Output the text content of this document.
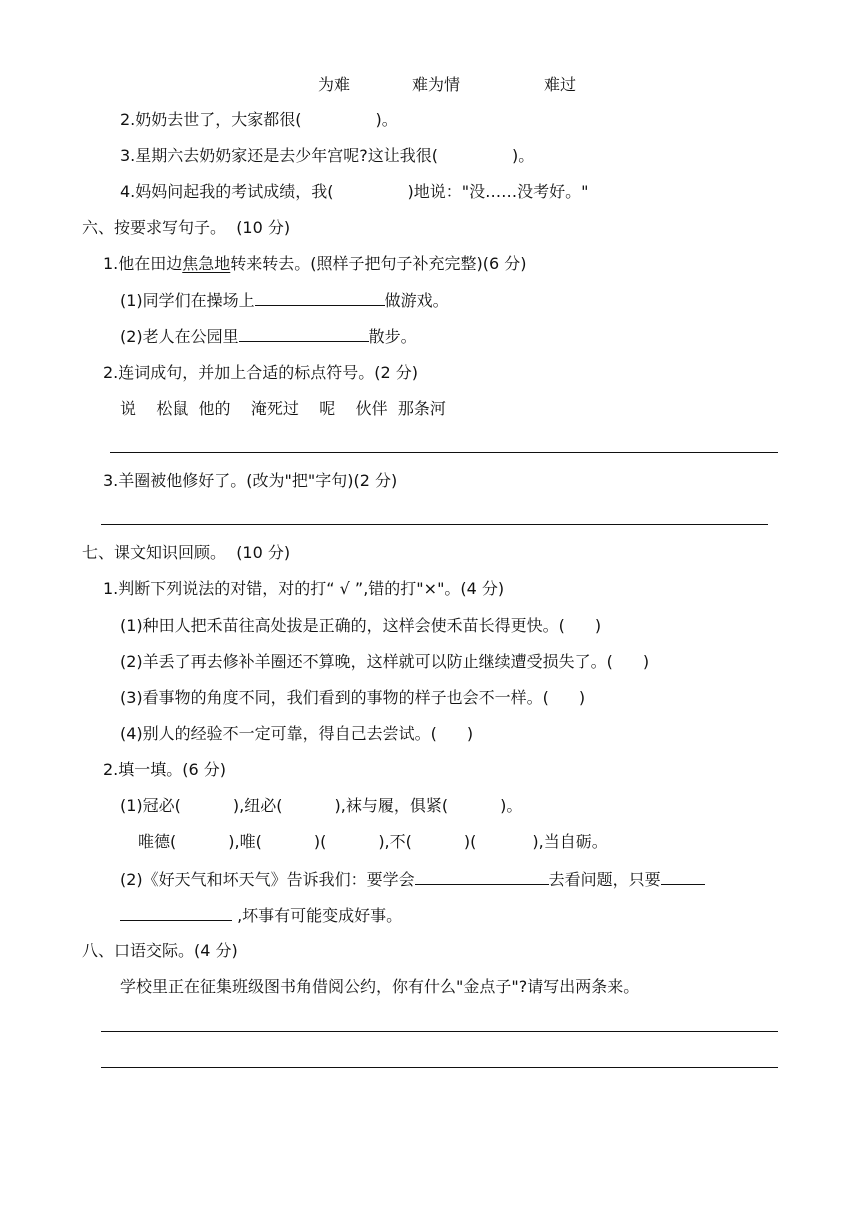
为难	难为情	难过
2.奶奶去世了，大家都很(	)。
3.星期六去奶奶家还是去少年宫呢?这让我很(	)。
4.妈妈问起我的考试成绩，我(	)地说："没……没考好。"
六、按要求写句子。 (10 分)
1.他在田边焦急地转来转去。(照样子把句子补充完整)(6 分)
(1)同学们在操场上	做游戏。
(2)老人在公园里	散步。
2.连词成句，并加上合适的标点符号。(2 分)
说 松鼠 他的 淹死过 呢 伙伴 那条河
3.羊圈被他修好了。(改为"把"字句)(2 分)
七、课文知识回顾。 (10 分)
1.判断下列说法的对错，对的打“ √ ”,错的打"×"。(4 分)
(1)种田人把禾苗往高处拔是正确的，这样会使禾苗长得更快。( )
(2)羊丢了再去修补羊圈还不算晚，这样就可以防止继续遭受损失了。( )
(3)看事物的角度不同，我们看到的事物的样子也会不一样。( )
(4)别人的经验不一定可靠，得自己去尝试。( )
2.填一填。(6 分)
(1)冠必(	),纽必(	),袜与履，俱紧(	)。
唯德(	),唯(	)(	),不(	)(	),当自砺。
(2)《好天气和坏天气》告诉我们：要学会	去看问题，只要
,坏事有可能变成好事。
八、口语交际。(4 分)
学校里正在征集班级图书角借阅公约，你有什么"金点子"?请写出两条来。
